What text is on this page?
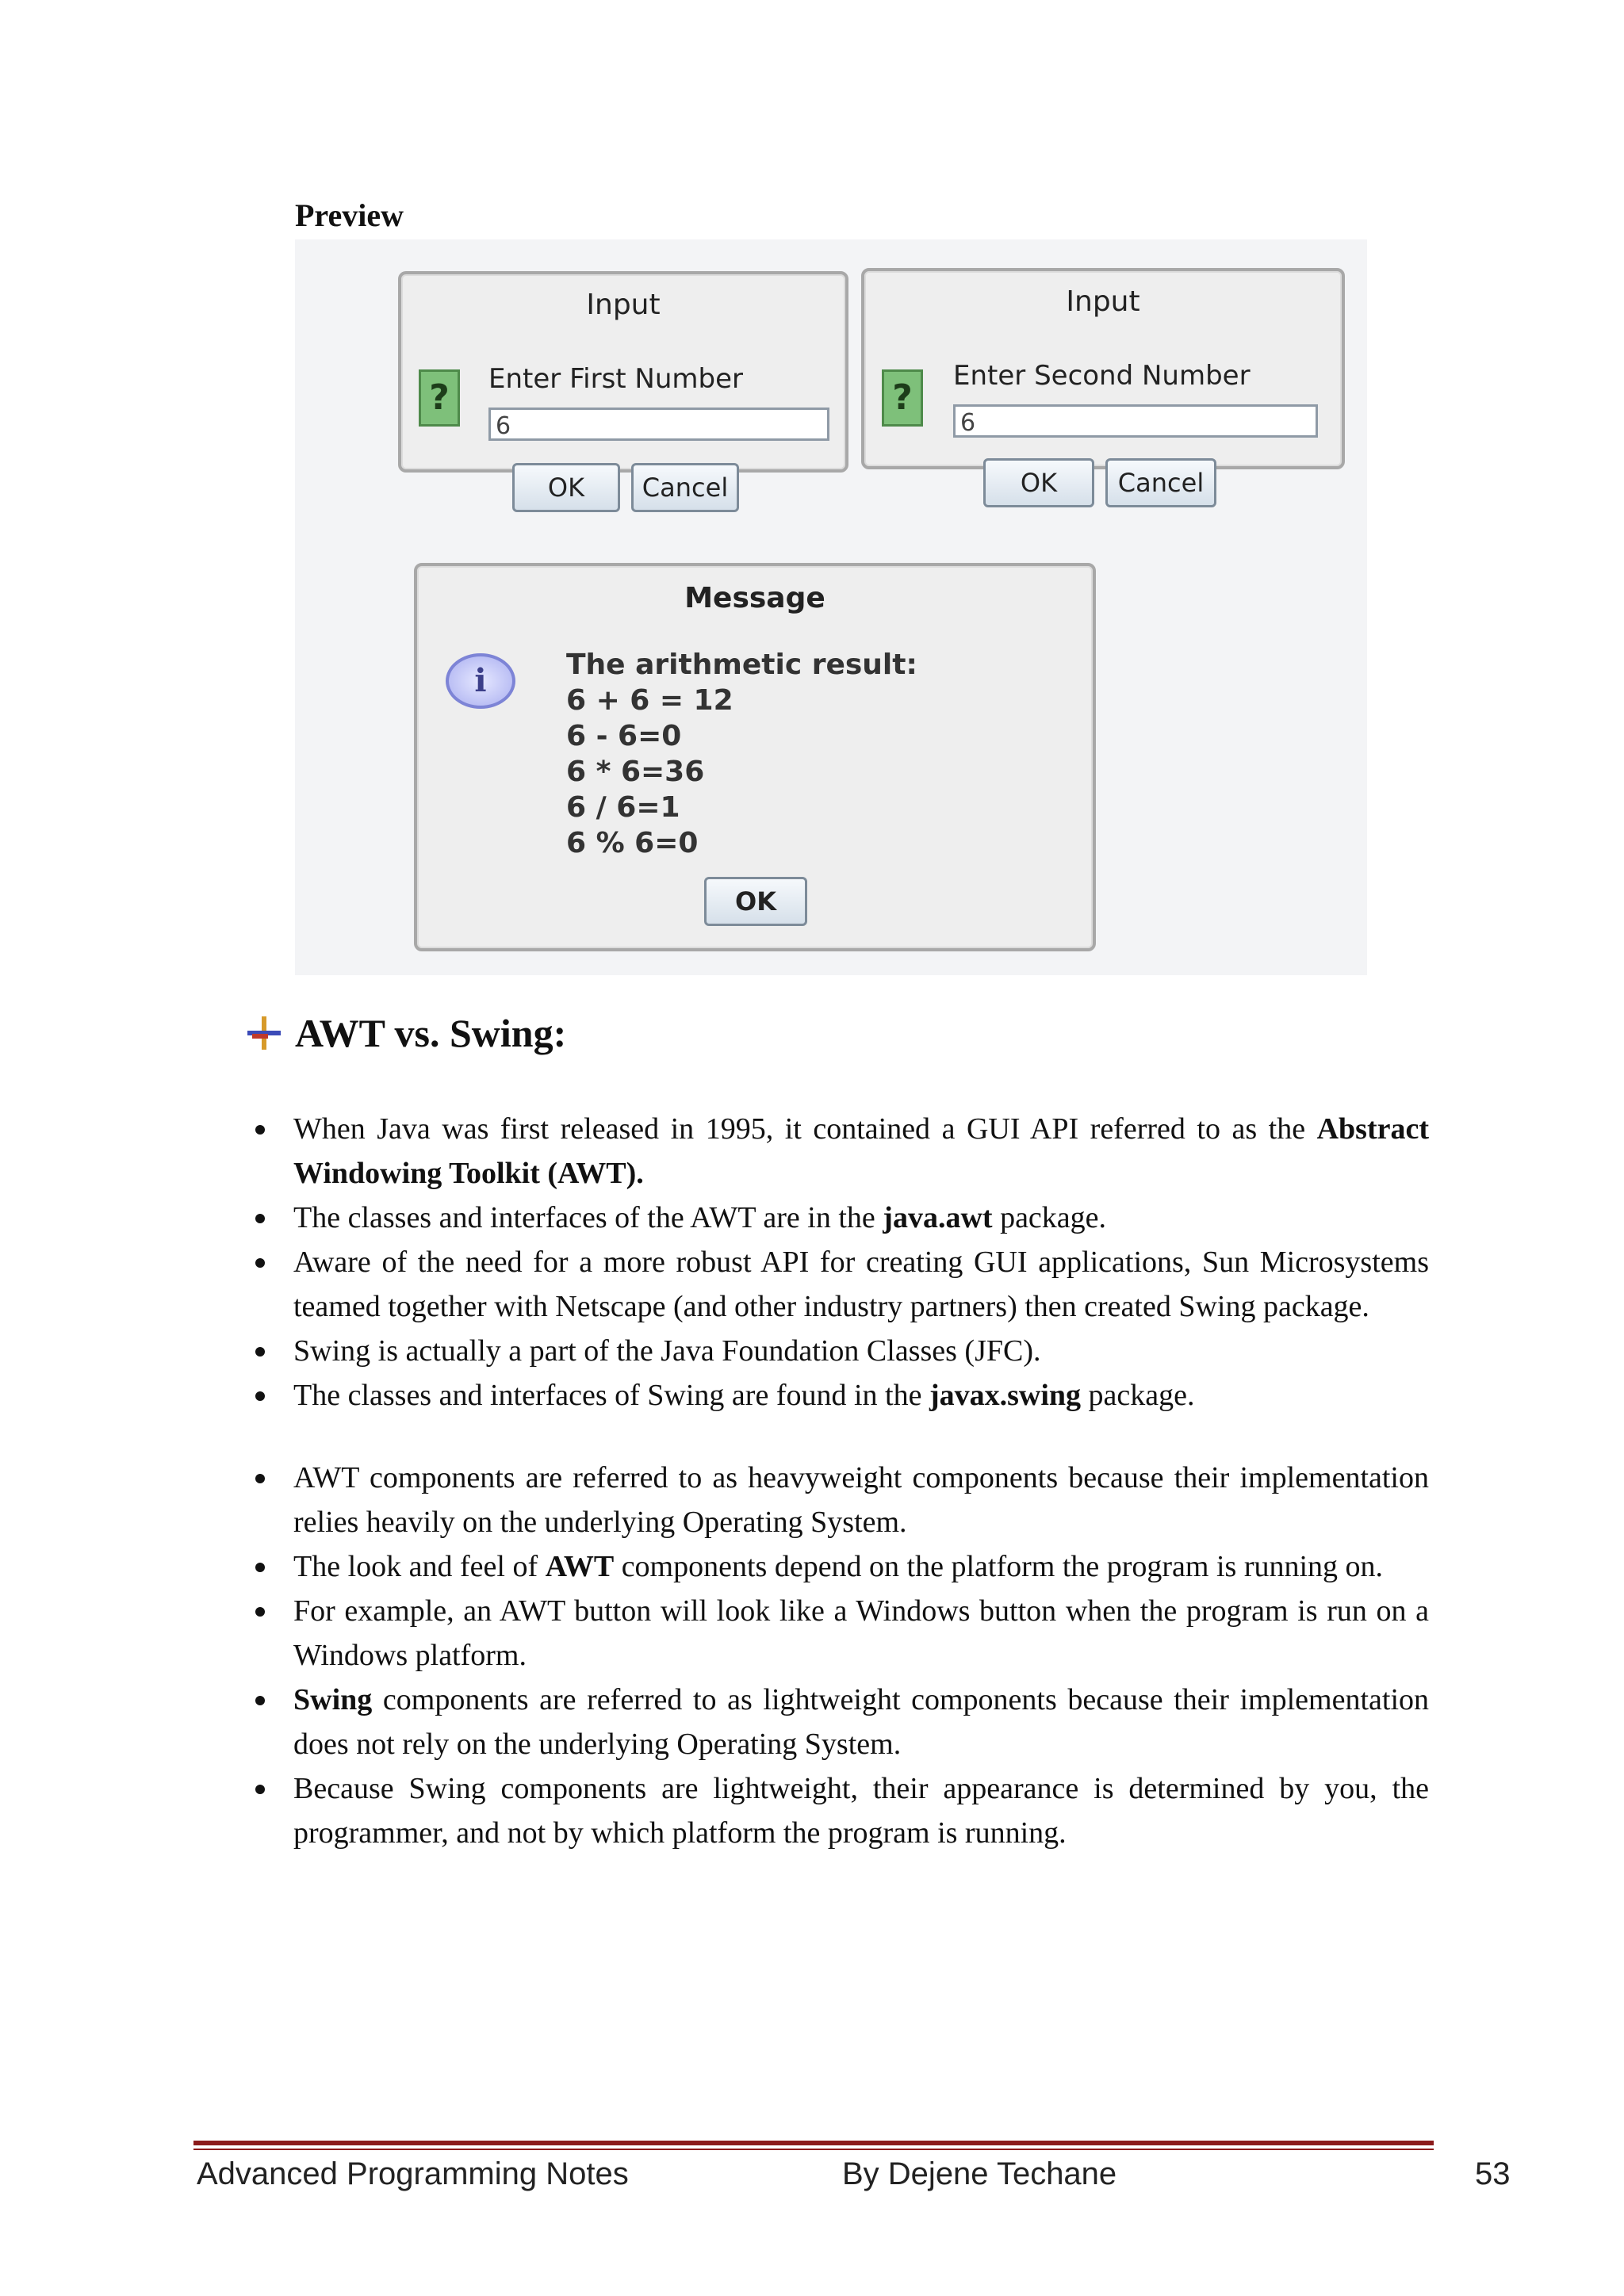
Preview
Input
?	Enter First Number
6
OK	Cancel
Input
?
Enter Second Number
6
OK	Cancel
Message
i	The arithmetic result:
6 + 6 = 12
6 - 6=0
6 * 6=36
6 / 6=1
6 % 6=0
OK
AWT vs. Swing:
When Java was first released in 1995, it contained a GUI API referred to as the Abstract Windowing Toolkit (AWT).
The classes and interfaces of the AWT are in the java.awt package.
Aware of the need for a more robust API for creating GUI applications, Sun Microsystems teamed together with Netscape (and other industry partners) then created Swing package.
Swing is actually a part of the Java Foundation Classes (JFC).
The classes and interfaces of Swing are found in the javax.swing package.
AWT components are referred to as heavyweight components because their implementation relies heavily on the underlying Operating System.
The look and feel of AWT components depend on the platform the program is running on.
For example, an AWT button will look like a Windows button when the program is run on a Windows platform.
Swing components are referred to as lightweight components because their implementation does not rely on the underlying Operating System.
Because Swing components are lightweight, their appearance is determined by you, the programmer, and not by which platform the program is running.
Advanced Programming Notes	By Dejene Techane	53
